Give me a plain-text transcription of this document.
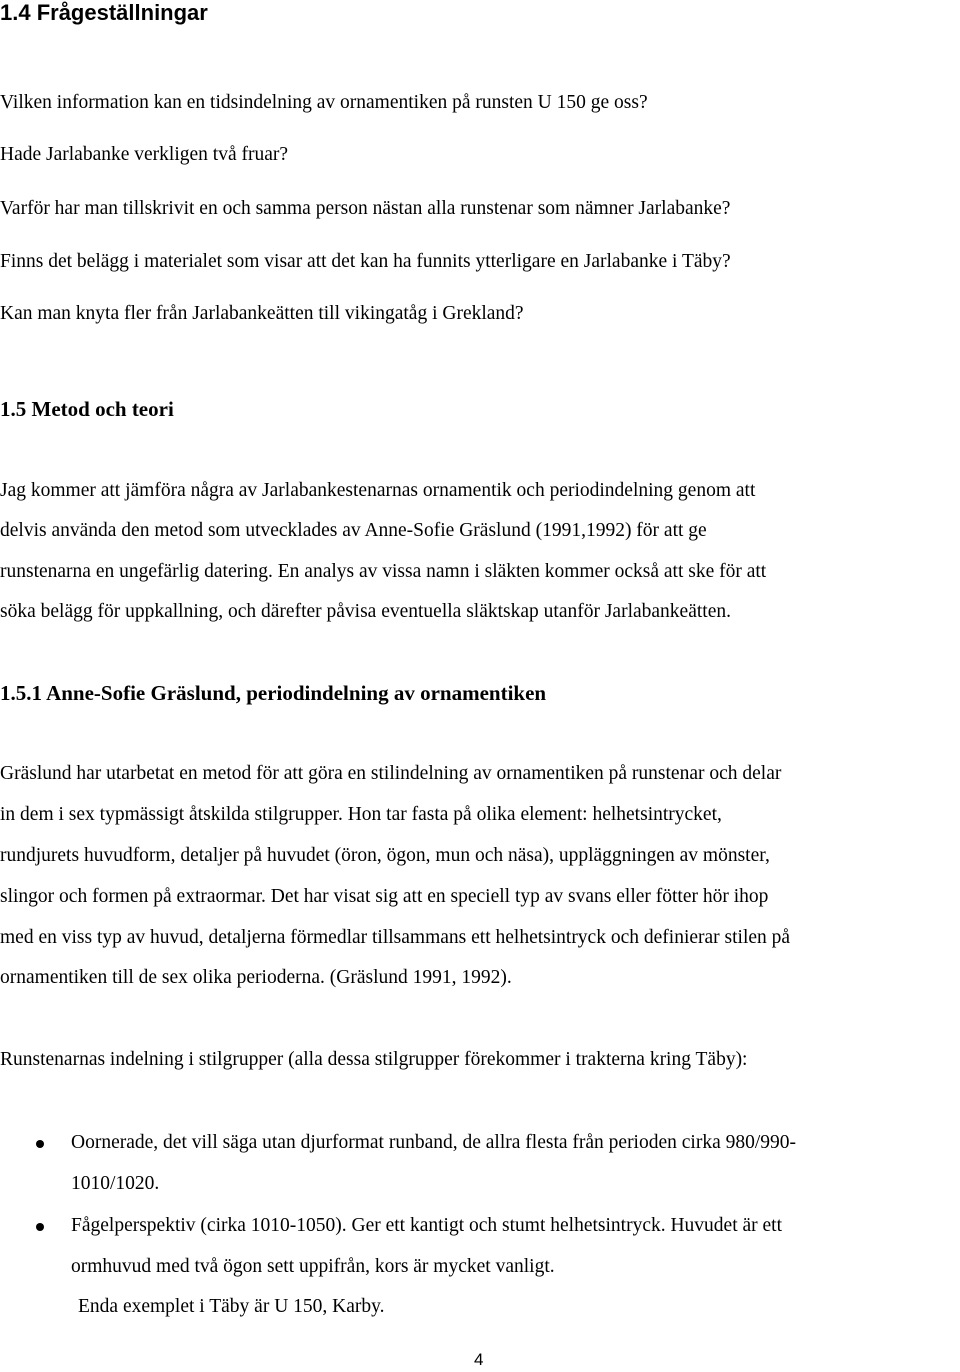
1.4 Frågeställningar
Vilken information kan en tidsindelning av ornamentiken på runsten U 150 ge oss?
Hade Jarlabanke verkligen två fruar?
Varför har man tillskrivit en och samma person nästan alla runstenar som nämner Jarlabanke?
Finns det belägg i materialet som visar att det kan ha funnits ytterligare en Jarlabanke i Täby?
Kan man knyta fler från Jarlabankeätten till vikingatåg i Grekland?
1.5 Metod och teori
Jag kommer att jämföra några av Jarlabankestenarnas ornamentik och periodindelning genom att
delvis använda den metod som utvecklades av Anne-Sofie Gräslund (1991,1992) för att ge
runstenarna en ungefärlig datering. En analys av vissa namn i släkten kommer också att ske för att
söka belägg för uppkallning, och därefter påvisa eventuella släktskap utanför Jarlabankeätten.
1.5.1 Anne-Sofie Gräslund, periodindelning av ornamentiken
Gräslund har utarbetat en metod för att göra en stilindelning av ornamentiken på runstenar och delar
in dem i sex typmässigt åtskilda stilgrupper. Hon tar fasta på olika element: helhetsintrycket,
rundjurets huvudform, detaljer på huvudet (öron, ögon, mun och näsa), uppläggningen av mönster,
slingor och formen på extraormar. Det har visat sig att en speciell typ av svans eller fötter hör ihop
med en viss typ av huvud, detaljerna förmedlar tillsammans ett helhetsintryck och definierar stilen på
ornamentiken till de sex olika perioderna. (Gräslund 1991, 1992).
Runstenarnas indelning i stilgrupper (alla dessa stilgrupper förekommer i trakterna kring Täby):
Oornerade, det vill säga utan djurformat runband, de allra flesta från perioden cirka 980/990-
1010/1020.
Fågelperspektiv (cirka 1010-1050). Ger ett kantigt och stumt helhetsintryck. Huvudet är ett
ormhuvud med två ögon sett uppifrån, kors är mycket vanligt.
Enda exemplet i Täby är U 150, Karby.
4
